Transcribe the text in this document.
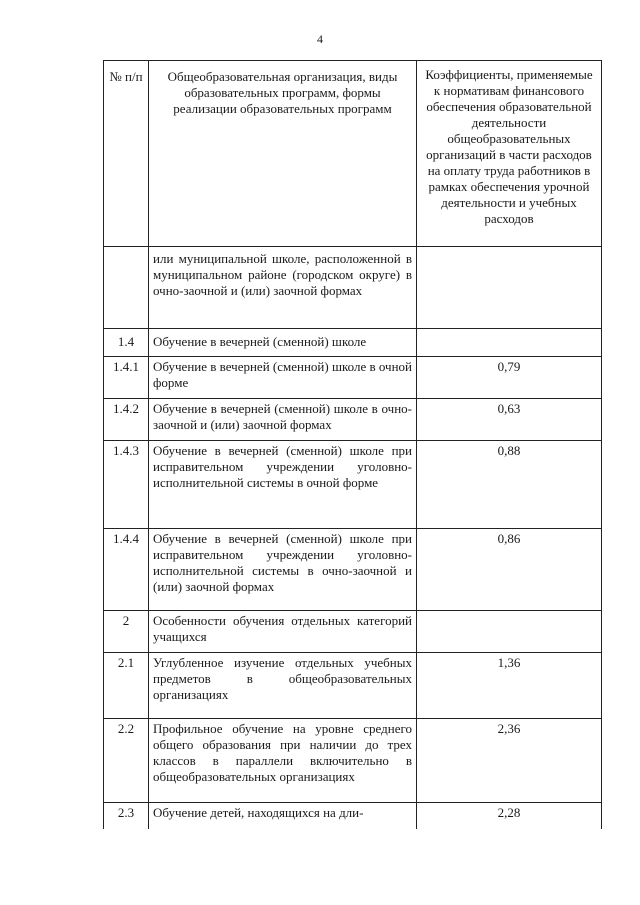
4
№ п/п	Общеобразовательная организация, виды образовательных программ, формы реализации образовательных программ	Коэффициенты, применяемые к нормативам финансового обеспечения образовательной деятельности общеобразовательных организаций в части расходов на оплату труда работников в рамках обеспечения урочной деятельности и учебных расходов
	или муниципальной школе, расположенной в муниципальном районе (городском округе) в очно-заочной и (или) заочной формах	
1.4	Обучение в вечерней (сменной) школе	
1.4.1	Обучение в вечерней (сменной) школе в очной форме	0,79
1.4.2	Обучение в вечерней (сменной) школе в очно-заочной и (или) заочной формах	0,63
1.4.3	Обучение в вечерней (сменной) школе при исправительном учреждении уголовно-исполнительной системы в очной форме	0,88
1.4.4	Обучение в вечерней (сменной) школе при исправительном учреждении уголовно-исполнительной системы в очно-заочной и (или) заочной формах	0,86
2	Особенности обучения отдельных категорий учащихся	
2.1	Углубленное изучение отдельных учебных предметов в общеобразовательных организациях	1,36
2.2	Профильное обучение на уровне среднего общего образования при наличии до трех классов в параллели включительно в общеобразовательных организациях	2,36
2.3	Обучение детей, находящихся на дли-	2,28
